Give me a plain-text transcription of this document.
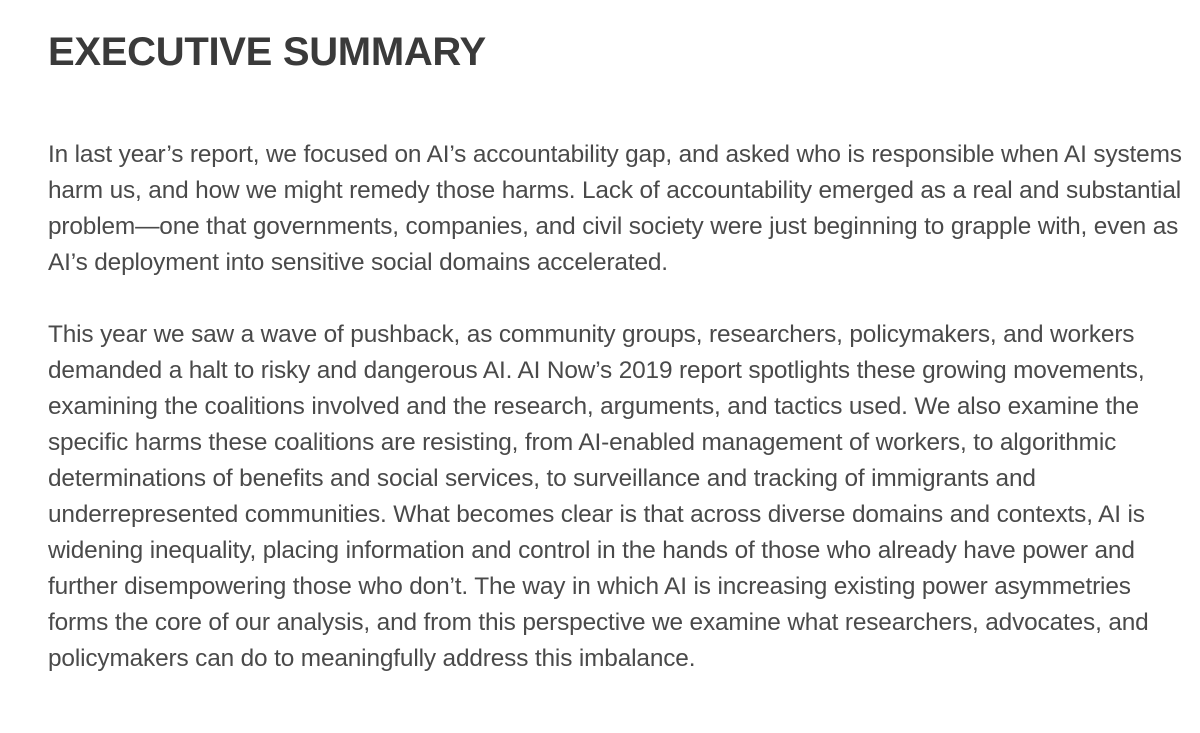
EXECUTIVE SUMMARY

In last year’s report, we focused on AI’s accountability gap, and asked who is responsible when AI systems harm us, and how we might remedy those harms. Lack of accountability emerged as a real and substantial problem—one that governments, companies, and civil society were just beginning to grapple with, even as AI’s deployment into sensitive social domains accelerated.

This year we saw a wave of pushback, as community groups, researchers, policymakers, and workers demanded a halt to risky and dangerous AI. AI Now’s 2019 report spotlights these growing movements, examining the coalitions involved and the research, arguments, and tactics used. We also examine the specific harms these coalitions are resisting, from AI-enabled management of workers, to algorithmic determinations of benefits and social services, to surveillance and tracking of immigrants and underrepresented communities. What becomes clear is that across diverse domains and contexts, AI is widening inequality, placing information and control in the hands of those who already have power and further disempowering those who don’t. The way in which AI is increasing existing power asymmetries forms the core of our analysis, and from this perspective we examine what researchers, advocates, and policymakers can do to meaningfully address this imbalance.
